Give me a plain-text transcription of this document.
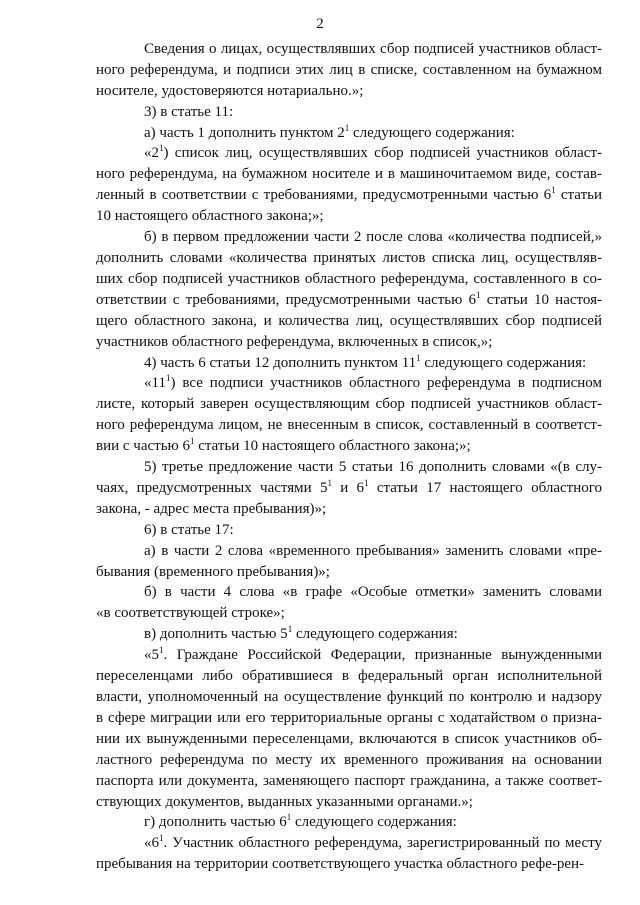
2
Сведения о лицах, осуществлявших сбор подписей участников област-
ного референдума, и подписи этих лиц в списке, составленном на бумажном
носителе, удостоверяются нотариально.»;
3) в статье 11:
а) часть 1 дополнить пунктом $2^1$ следующего содержания:
«$2^1$) список лиц, осуществлявших сбор подписей участников област-
ного референдума, на бумажном носителе и в машиночитаемом виде, состав-
ленный в соответствии с требованиями, предусмотренными частью $6^1$ статьи
10 настоящего областного закона;»;
б) в первом предложении части 2 после слова «количества подписей,»
дополнить словами «количества принятых листов списка лиц, осуществляв-
ших сбор подписей участников областного референдума, составленного в со-
ответствии с требованиями, предусмотренными частью $6^1$ статьи 10 настоя-
щего областного закона, и количества лиц, осуществлявших сбор подписей
участников областного референдума, включенных в список,»;
4) часть 6 статьи 12 дополнить пунктом $11^1$ следующего содержания:
«$11^1$) все подписи участников областного референдума в подписном
листе, который заверен осуществляющим сбор подписей участников област-
ного референдума лицом, не внесенным в список, составленный в соответст-
вии с частью $6^1$ статьи 10 настоящего областного закона;»;
5) третье предложение части 5 статьи 16 дополнить словами «(в слу-
чаях, предусмотренных частями $5^1$ и $6^1$ статьи 17 настоящего областного
закона, - адрес места пребывания)»;
6) в статье 17:
а) в части 2 слова «временного пребывания» заменить словами «пре-
бывания (временного пребывания)»;
б) в части 4 слова «в графе «Особые отметки» заменить словами
«в соответствующей строке»;
в) дополнить частью $5^1$ следующего содержания:
«$5^1$. Граждане Российской Федерации, признанные вынужденными
переселенцами либо обратившиеся в федеральный орган исполнительной
власти, уполномоченный на осуществление функций по контролю и надзору
в сфере миграции или его территориальные органы с ходатайством о призна-
нии их вынужденными переселенцами, включаются в список участников об-
ластного референдума по месту их временного проживания на основании
паспорта или документа, заменяющего паспорт гражданина, а также соответ-
ствующих документов, выданных указанными органами.»;
г) дополнить частью $6^1$ следующего содержания:
«$6^1$. Участник областного референдума, зарегистрированный по месту
пребывания на территории соответствующего участка областного рефе-рен-
